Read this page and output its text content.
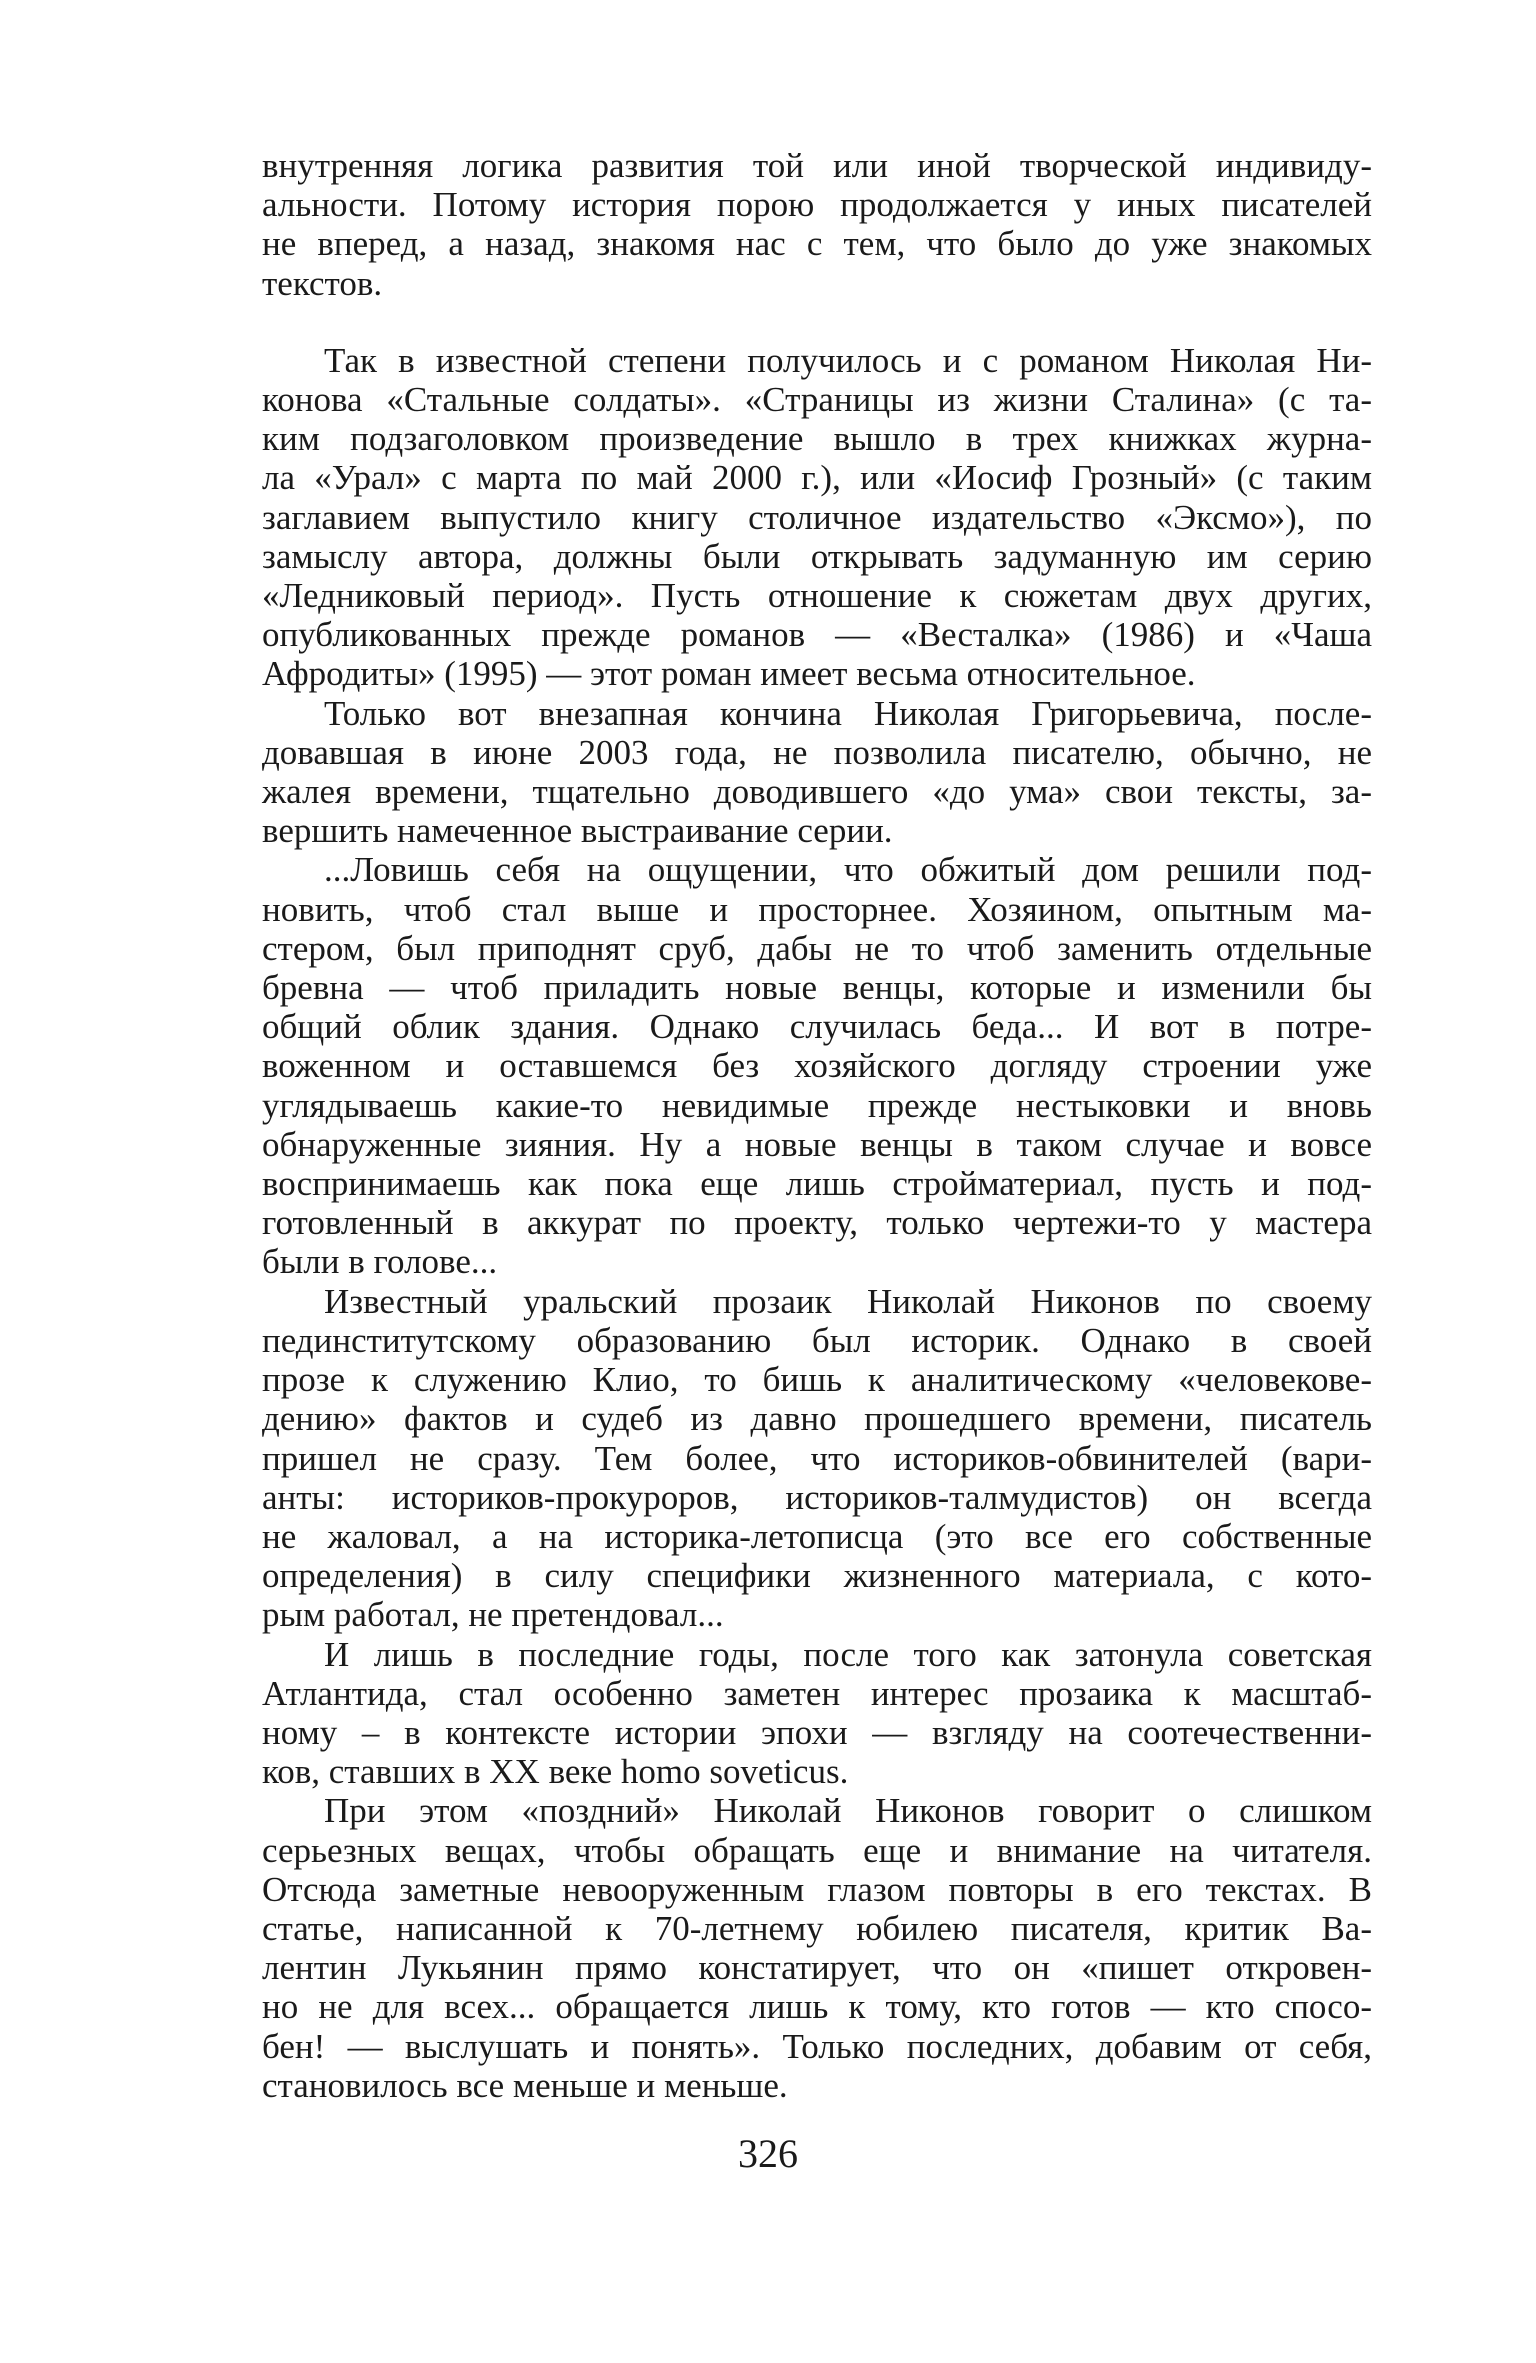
внутренняя логика развития той или иной творческой индивиду-
альности. Потому история порою продолжается у иных писателей
не вперед, а назад, знакомя нас с тем, что было до уже знакомых
текстов.

Так в известной степени получилось и с романом Николая Ни-
конова «Стальные солдаты». «Страницы из жизни Сталина» (с та-
ким подзаголовком произведение вышло в трех книжках журна-
ла «Урал» с марта по май 2000 г.), или «Иосиф Грозный» (с таким
заглавием выпустило книгу столичное издательство «Эксмо»), по
замыслу автора, должны были открывать задуманную им серию
«Ледниковый период». Пусть отношение к сюжетам двух других,
опубликованных прежде романов — «Весталка» (1986) и «Чаша
Афродиты» (1995) — этот роман имеет весьма относительное.

Только вот внезапная кончина Николая Григорьевича, после-
довавшая в июне 2003 года, не позволила писателю, обычно, не
жалея времени, тщательно доводившего «до ума» свои тексты, за-
вершить намеченное выстраивание серии.

...Ловишь себя на ощущении, что обжитый дом решили под-
новить, чтоб стал выше и просторнее. Хозяином, опытным ма-
стером, был приподнят сруб, дабы не то чтоб заменить отдельные
бревна — чтоб приладить новые венцы, которые и изменили бы
общий облик здания. Однако случилась беда... И вот в потре-
воженном и оставшемся без хозяйского догляду строении уже
углядываешь какие-то невидимые прежде нестыковки и вновь
обнаруженные зияния. Ну а новые венцы в таком случае и вовсе
воспринимаешь как пока еще лишь стройматериал, пусть и под-
готовленный в аккурат по проекту, только чертежи-то у мастера
были в голове...

Известный уральский прозаик Николай Никонов по своему
пединститутскому образованию был историк. Однако в своей
прозе к служению Клио, то бишь к аналитическому «человекове-
дению» фактов и судеб из давно прошедшего времени, писатель
пришел не сразу. Тем более, что историков-обвинителей (вари-
анты: историков-прокуроров, историков-талмудистов) он всегда
не жаловал, а на историка-летописца (это все его собственные
определения) в силу специфики жизненного материала, с кото-
рым работал, не претендовал...

И лишь в последние годы, после того как затонула советская
Атлантида, стал особенно заметен интерес прозаика к масштаб-
ному – в контексте истории эпохи — взгляду на соотечественни-
ков, ставших в XX веке homo soveticus.

При этом «поздний» Николай Никонов говорит о слишком
серьезных вещах, чтобы обращать еще и внимание на читателя.
Отсюда заметные невооруженным глазом повторы в его текстах. В
статье, написанной к 70-летнему юбилею писателя, критик Ва-
лентин Лукьянин прямо констатирует, что он «пишет откровен-
но не для всех... обращается лишь к тому, кто готов — кто спосо-
бен! — выслушать и понять». Только последних, добавим от себя,
становилось все меньше и меньше.

326
